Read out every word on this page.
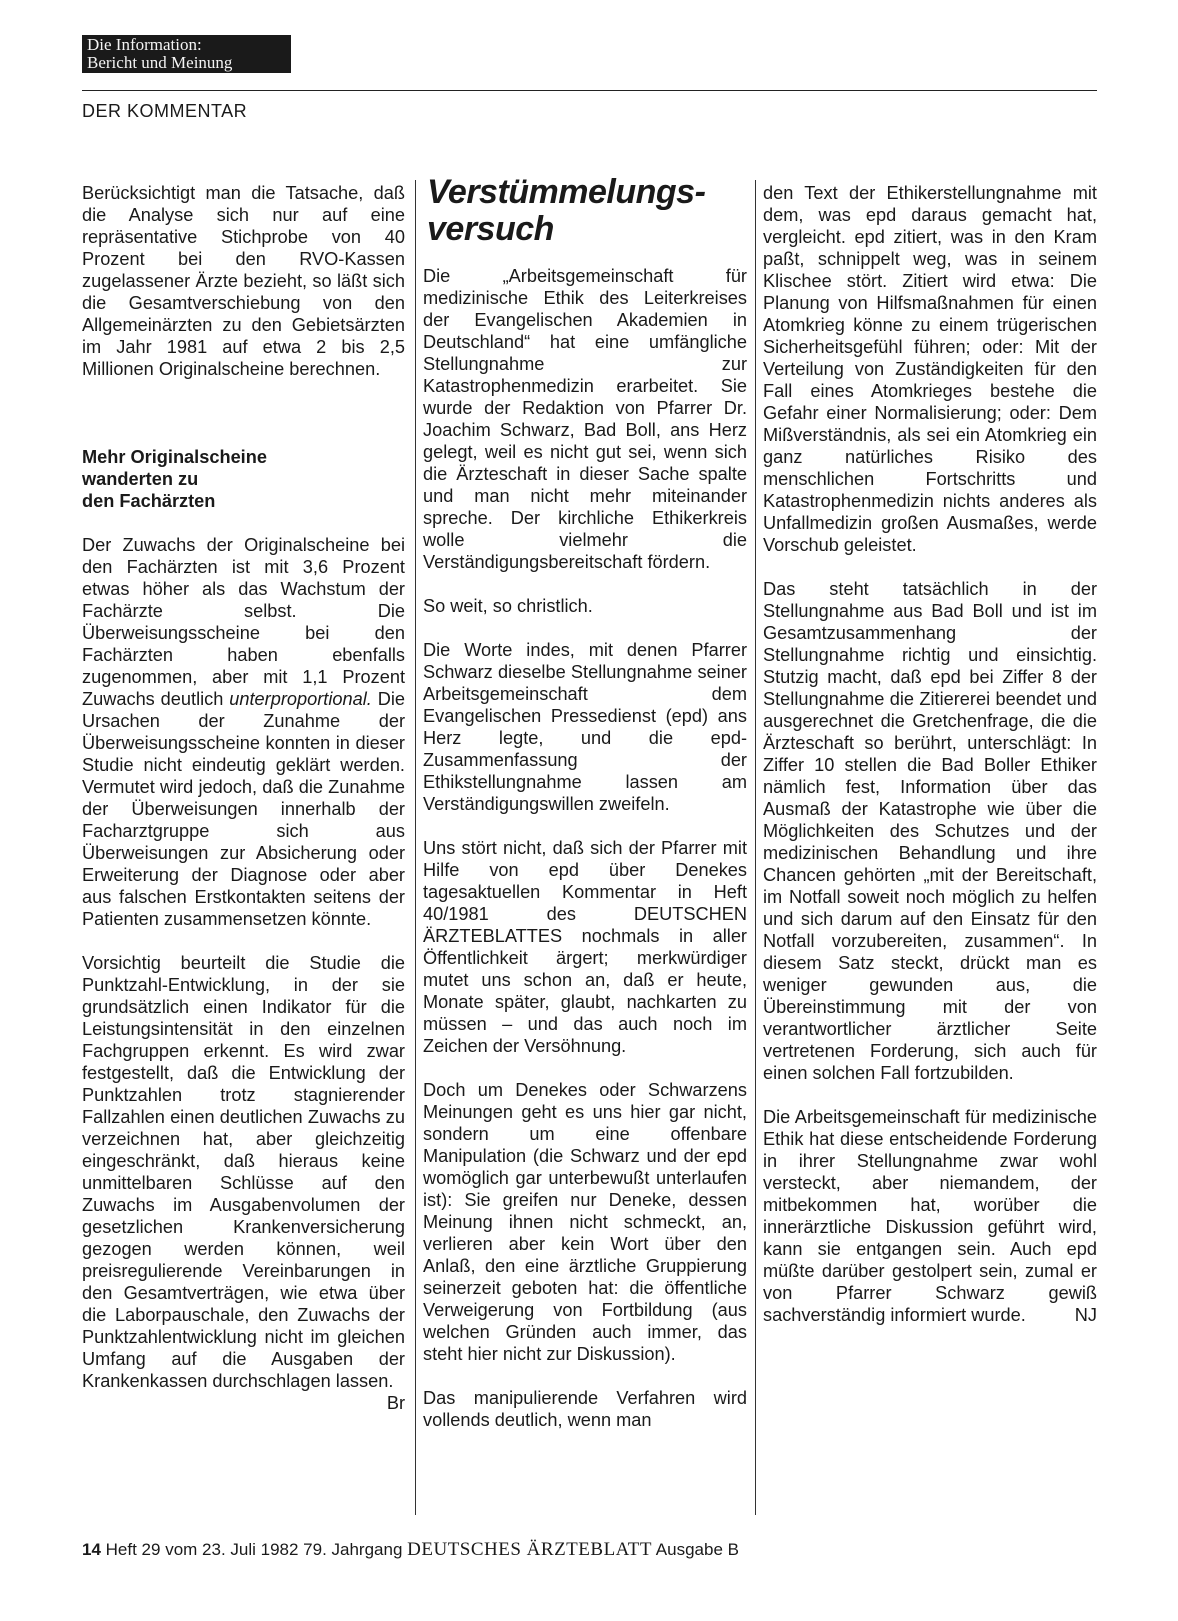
Die Information:
Bericht und Meinung
DER KOMMENTAR

Berücksichtigt man die Tatsache, daß die Analyse sich nur auf eine repräsentative Stichprobe von 40 Prozent bei den RVO-Kassen zugelassener Ärzte bezieht, so läßt sich die Gesamtverschiebung von den Allgemeinärzten zu den Gebietsärzten im Jahr 1981 auf etwa 2 bis 2,5 Millionen Originalscheine berechnen.

Mehr Originalscheine
wanderten zu
den Fachärzten

Der Zuwachs der Originalscheine bei den Fachärzten ist mit 3,6 Prozent etwas höher als das Wachstum der Fachärzte selbst. Die Überweisungsscheine bei den Fachärzten haben ebenfalls zugenommen, aber mit 1,1 Prozent Zuwachs deutlich unterproportional. Die Ursachen der Zunahme der Überweisungsscheine konnten in dieser Studie nicht eindeutig geklärt werden. Vermutet wird jedoch, daß die Zunahme der Überweisungen innerhalb der Facharztgruppe sich aus Überweisungen zur Absicherung oder Erweiterung der Diagnose oder aber aus falschen Erstkontakten seitens der Patienten zusammensetzen könnte.

Vorsichtig beurteilt die Studie die Punktzahl-Entwicklung, in der sie grundsätzlich einen Indikator für die Leistungsintensität in den einzelnen Fachgruppen erkennt. Es wird zwar festgestellt, daß die Entwicklung der Punktzahlen trotz stagnierender Fallzahlen einen deutlichen Zuwachs zu verzeichnen hat, aber gleichzeitig eingeschränkt, daß hieraus keine unmittelbaren Schlüsse auf den Zuwachs im Ausgabenvolumen der gesetzlichen Krankenversicherung gezogen werden können, weil preisregulierende Vereinbarungen in den Gesamtverträgen, wie etwa über die Laborpauschale, den Zuwachs der Punktzahlentwicklung nicht im gleichen Umfang auf die Ausgaben der Krankenkassen durchschlagen lassen.
Br

Verstümmelungs-
versuch

Die „Arbeitsgemeinschaft für medizinische Ethik des Leiterkreises der Evangelischen Akademien in Deutschland“ hat eine umfängliche Stellungnahme zur Katastrophenmedizin erarbeitet. Sie wurde der Redaktion von Pfarrer Dr. Joachim Schwarz, Bad Boll, ans Herz gelegt, weil es nicht gut sei, wenn sich die Ärzteschaft in dieser Sache spalte und man nicht mehr miteinander spreche. Der kirchliche Ethikerkreis wolle vielmehr die Verständigungsbereitschaft fördern.

So weit, so christlich.

Die Worte indes, mit denen Pfarrer Schwarz dieselbe Stellungnahme seiner Arbeitsgemeinschaft dem Evangelischen Pressedienst (epd) ans Herz legte, und die epd-Zusammenfassung der Ethikstellungnahme lassen am Verständigungswillen zweifeln.

Uns stört nicht, daß sich der Pfarrer mit Hilfe von epd über Denekes tagesaktuellen Kommentar in Heft 40/1981 des DEUTSCHEN ÄRZTEBLATTES nochmals in aller Öffentlichkeit ärgert; merkwürdiger mutet uns schon an, daß er heute, Monate später, glaubt, nachkarten zu müssen – und das auch noch im Zeichen der Versöhnung.

Doch um Denekes oder Schwarzens Meinungen geht es uns hier gar nicht, sondern um eine offenbare Manipulation (die Schwarz und der epd womöglich gar unterbewußt unterlaufen ist): Sie greifen nur Deneke, dessen Meinung ihnen nicht schmeckt, an, verlieren aber kein Wort über den Anlaß, den eine ärztliche Gruppierung seinerzeit geboten hat: die öffentliche Verweigerung von Fortbildung (aus welchen Gründen auch immer, das steht hier nicht zur Diskussion).

Das manipulierende Verfahren wird vollends deutlich, wenn man

den Text der Ethikerstellungnahme mit dem, was epd daraus gemacht hat, vergleicht. epd zitiert, was in den Kram paßt, schnippelt weg, was in seinem Klischee stört. Zitiert wird etwa: Die Planung von Hilfsmaßnahmen für einen Atomkrieg könne zu einem trügerischen Sicherheitsgefühl führen; oder: Mit der Verteilung von Zuständigkeiten für den Fall eines Atomkrieges bestehe die Gefahr einer Normalisierung; oder: Dem Mißverständnis, als sei ein Atomkrieg ein ganz natürliches Risiko des menschlichen Fortschritts und Katastrophenmedizin nichts anderes als Unfallmedizin großen Ausmaßes, werde Vorschub geleistet.

Das steht tatsächlich in der Stellungnahme aus Bad Boll und ist im Gesamtzusammenhang der Stellungnahme richtig und einsichtig. Stutzig macht, daß epd bei Ziffer 8 der Stellungnahme die Zitiererei beendet und ausgerechnet die Gretchenfrage, die die Ärzteschaft so berührt, unterschlägt: In Ziffer 10 stellen die Bad Boller Ethiker nämlich fest, Information über das Ausmaß der Katastrophe wie über die Möglichkeiten des Schutzes und der medizinischen Behandlung und ihre Chancen gehörten „mit der Bereitschaft, im Notfall soweit noch möglich zu helfen und sich darum auf den Einsatz für den Notfall vorzubereiten, zusammen“. In diesem Satz steckt, drückt man es weniger gewunden aus, die Übereinstimmung mit der von verantwortlicher ärztlicher Seite vertretenen Forderung, sich auch für einen solchen Fall fortzubilden.

Die Arbeitsgemeinschaft für medizinische Ethik hat diese entscheidende Forderung in ihrer Stellungnahme zwar wohl versteckt, aber niemandem, der mitbekommen hat, worüber die innerärztliche Diskussion geführt wird, kann sie entgangen sein. Auch epd müßte darüber gestolpert sein, zumal er von Pfarrer Schwarz gewiß sachverständig informiert wurde.	NJ

14 Heft 29 vom 23. Juli 1982 79. Jahrgang DEUTSCHES ÄRZTEBLATT Ausgabe B
